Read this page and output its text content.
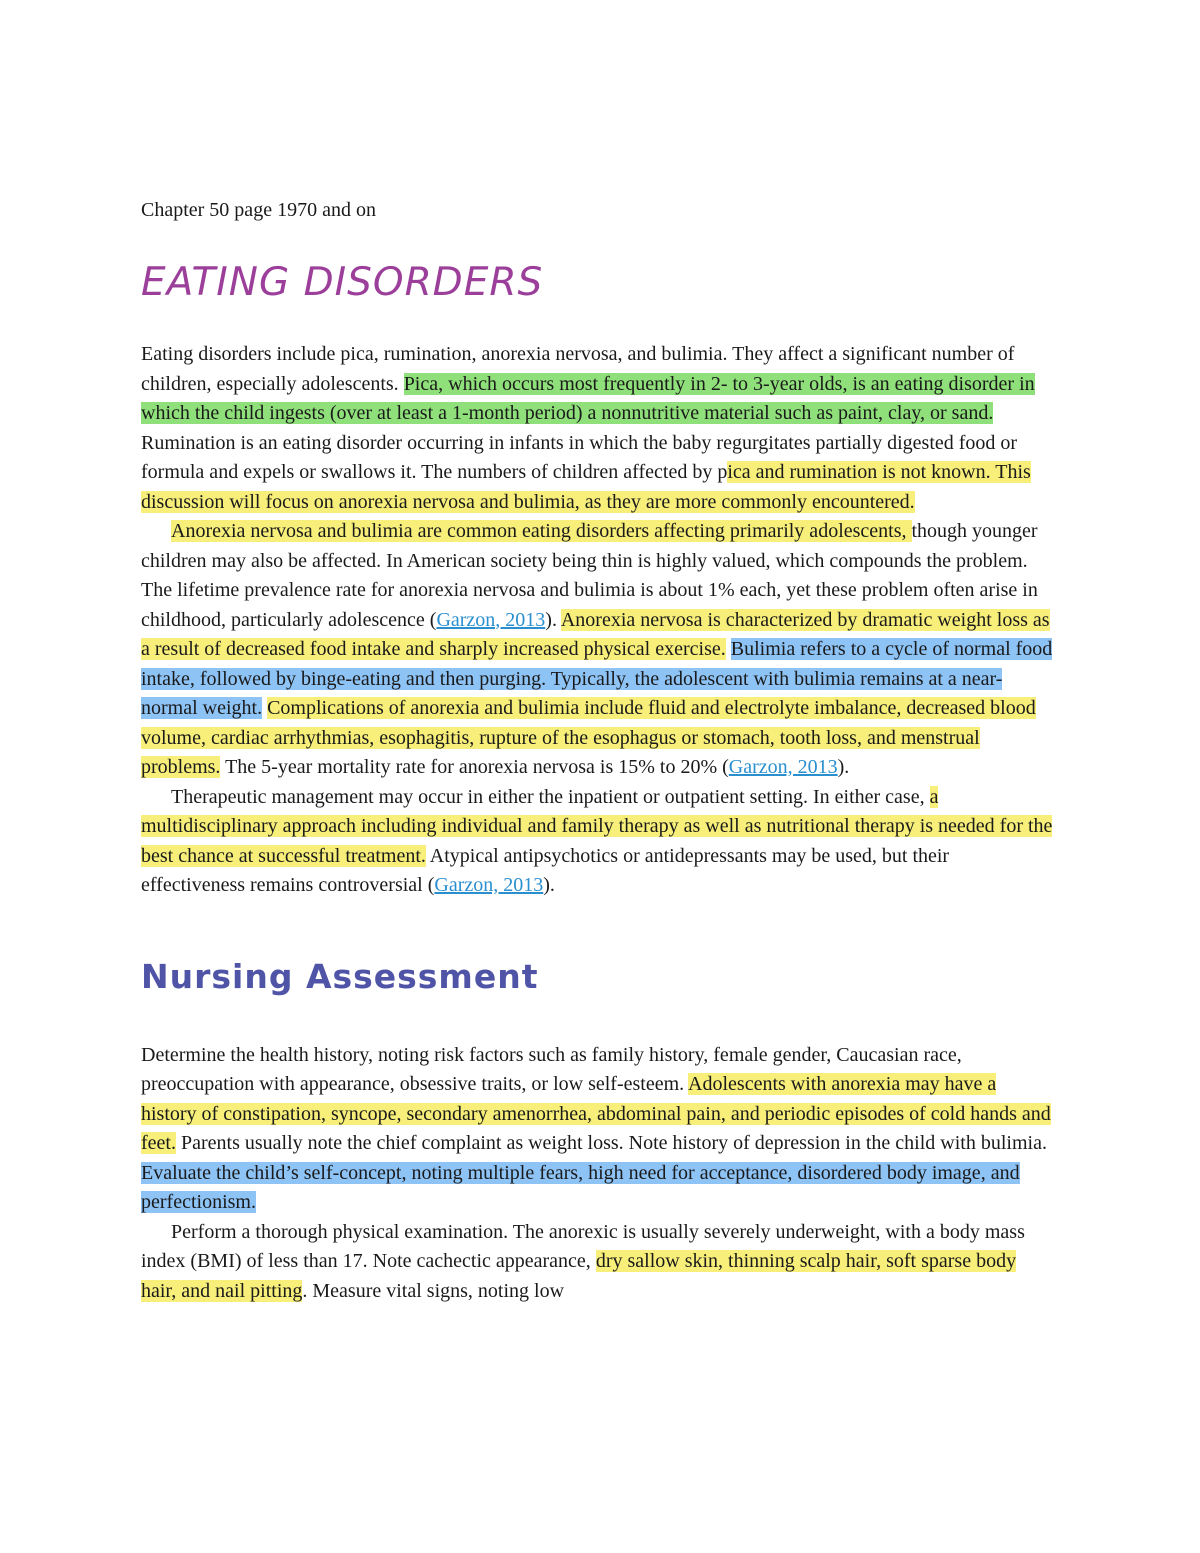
Chapter 50 page 1970 and on
EATING DISORDERS

Eating disorders include pica, rumination, anorexia nervosa, and bulimia. They affect a significant number of children, especially adolescents. Pica, which occurs most frequently in 2- to 3-year olds, is an eating disorder in which the child ingests (over at least a 1-month period) a nonnutritive material such as paint, clay, or sand. Rumination is an eating disorder occurring in infants in which the baby regurgitates partially digested food or formula and expels or swallows it. The numbers of children affected by pica and rumination is not known. This discussion will focus on anorexia nervosa and bulimia, as they are more commonly encountered.

Anorexia nervosa and bulimia are common eating disorders affecting primarily adolescents, though younger children may also be affected. In American society being thin is highly valued, which compounds the problem. The lifetime prevalence rate for anorexia nervosa and bulimia is about 1% each, yet these problem often arise in childhood, particularly adolescence (Garzon, 2013). Anorexia nervosa is characterized by dramatic weight loss as a result of decreased food intake and sharply increased physical exercise. Bulimia refers to a cycle of normal food intake, followed by binge-eating and then purging. Typically, the adolescent with bulimia remains at a near-normal weight. Complications of anorexia and bulimia include fluid and electrolyte imbalance, decreased blood volume, cardiac arrhythmias, esophagitis, rupture of the esophagus or stomach, tooth loss, and menstrual problems. The 5-year mortality rate for anorexia nervosa is 15% to 20% (Garzon, 2013).

Therapeutic management may occur in either the inpatient or outpatient setting. In either case, a multidisciplinary approach including individual and family therapy as well as nutritional therapy is needed for the best chance at successful treatment. Atypical antipsychotics or antidepressants may be used, but their effectiveness remains controversial (Garzon, 2013).

Nursing Assessment

Determine the health history, noting risk factors such as family history, female gender, Caucasian race, preoccupation with appearance, obsessive traits, or low self-esteem. Adolescents with anorexia may have a history of constipation, syncope, secondary amenorrhea, abdominal pain, and periodic episodes of cold hands and feet. Parents usually note the chief complaint as weight loss. Note history of depression in the child with bulimia. Evaluate the child’s self-concept, noting multiple fears, high need for acceptance, disordered body image, and perfectionism.

Perform a thorough physical examination. The anorexic is usually severely underweight, with a body mass index (BMI) of less than 17. Note cachectic appearance, dry sallow skin, thinning scalp hair, soft sparse body hair, and nail pitting. Measure vital signs, noting low
